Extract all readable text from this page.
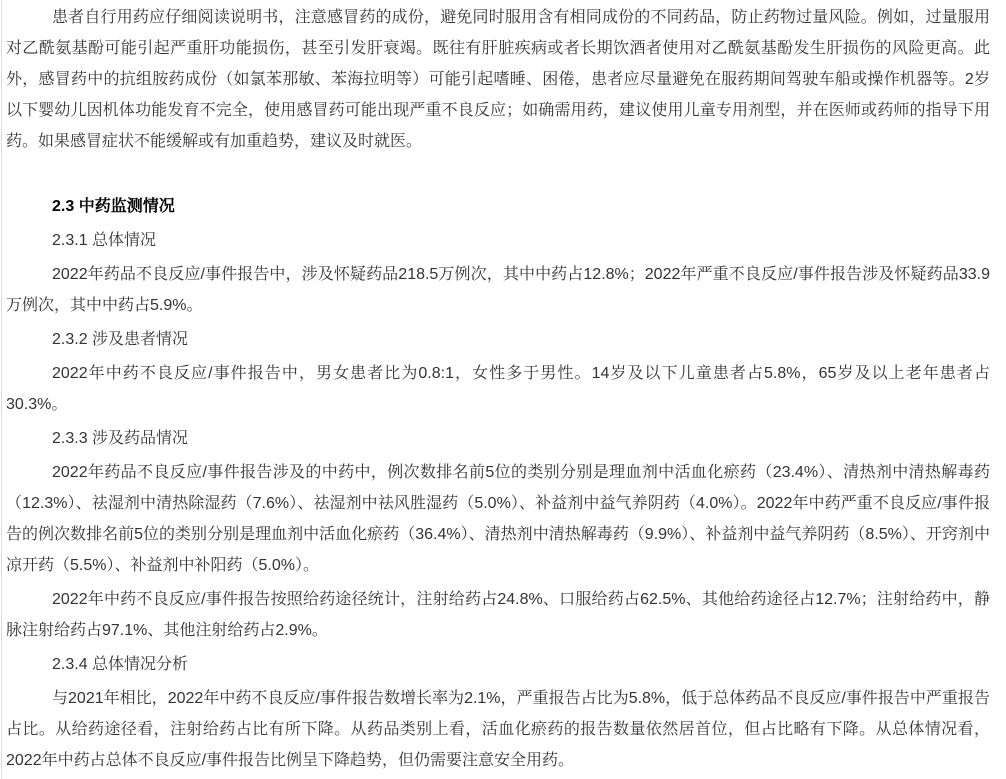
患者自行用药应仔细阅读说明书，注意感冒药的成份，避免同时服用含有相同成份的不同药品，防止药物过量风险。例如，过量服用对乙酰氨基酚可能引起严重肝功能损伤，甚至引发肝衰竭。既往有肝脏疾病或者长期饮酒者使用对乙酰氨基酚发生肝损伤的风险更高。此外，感冒药中的抗组胺药成份（如氯苯那敏、苯海拉明等）可能引起嗜睡、困倦，患者应尽量避免在服药期间驾驶车船或操作机器等。2岁以下婴幼儿因机体功能发育不完全，使用感冒药可能出现严重不良反应；如确需用药，建议使用儿童专用剂型，并在医师或药师的指导下用药。如果感冒症状不能缓解或有加重趋势，建议及时就医。

2.3 中药监测情况

2.3.1 总体情况

2022年药品不良反应/事件报告中，涉及怀疑药品218.5万例次，其中中药占12.8%；2022年严重不良反应/事件报告涉及怀疑药品33.9万例次，其中中药占5.9%。

2.3.2 涉及患者情况

2022年中药不良反应/事件报告中，男女患者比为0.8:1，女性多于男性。14岁及以下儿童患者占5.8%，65岁及以上老年患者占30.3%。

2.3.3 涉及药品情况

2022年药品不良反应/事件报告涉及的中药中，例次数排名前5位的类别分别是理血剂中活血化瘀药（23.4%）、清热剂中清热解毒药（12.3%）、祛湿剂中清热除湿药（7.6%）、祛湿剂中祛风胜湿药（5.0%）、补益剂中益气养阴药（4.0%）。2022年中药严重不良反应/事件报告的例次数排名前5位的类别分别是理血剂中活血化瘀药（36.4%）、清热剂中清热解毒药（9.9%）、补益剂中益气养阴药（8.5%）、开窍剂中凉开药（5.5%）、补益剂中补阳药（5.0%）。

2022年中药不良反应/事件报告按照给药途径统计，注射给药占24.8%、口服给药占62.5%、其他给药途径占12.7%；注射给药中，静脉注射给药占97.1%、其他注射给药占2.9%。

2.3.4 总体情况分析

与2021年相比，2022年中药不良反应/事件报告数增长率为2.1%，严重报告占比为5.8%，低于总体药品不良反应/事件报告中严重报告占比。从给药途径看，注射给药占比有所下降。从药品类别上看，活血化瘀药的报告数量依然居首位，但占比略有下降。从总体情况看，2022年中药占总体不良反应/事件报告比例呈下降趋势，但仍需要注意安全用药。
